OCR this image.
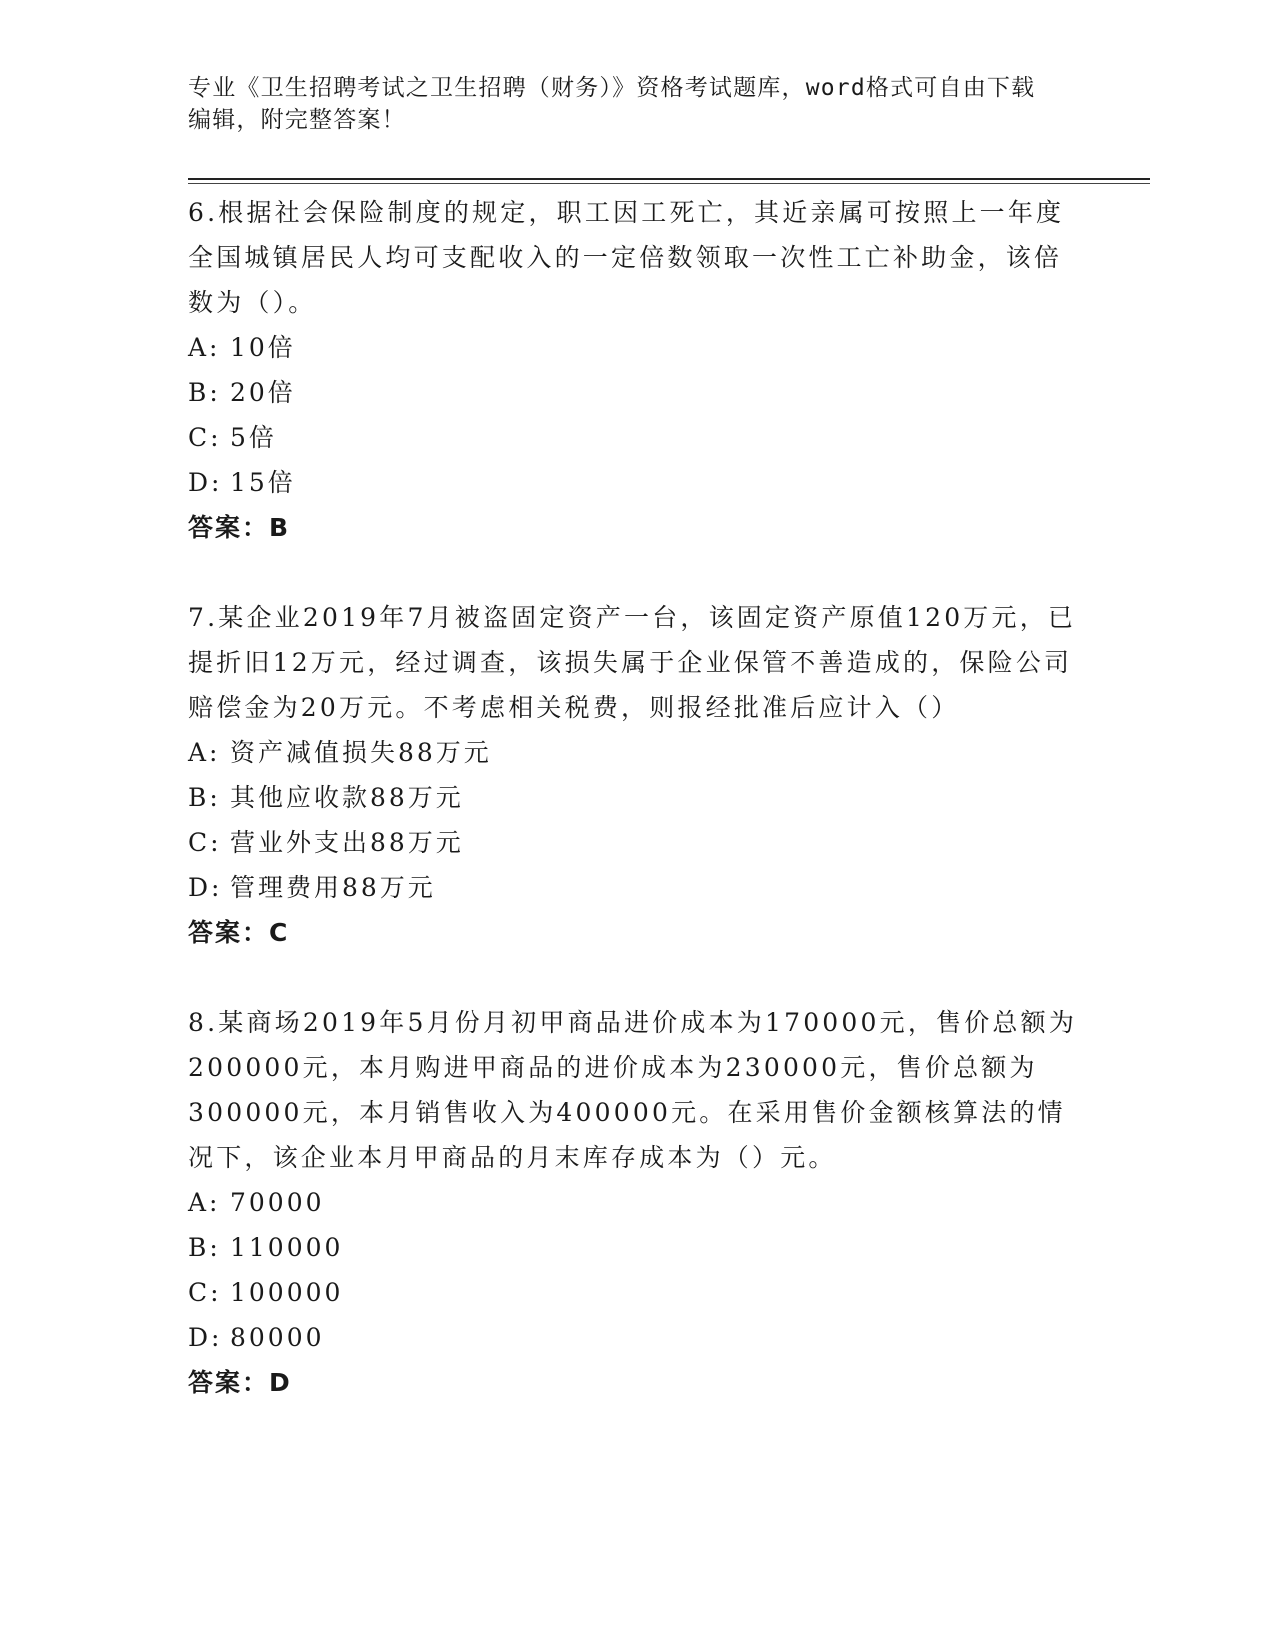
专业《卫生招聘考试之卫生招聘（财务）》资格考试题库，word格式可自由下载
编辑，附完整答案！

6.根据社会保险制度的规定，职工因工死亡，其近亲属可按照上一年度全国城镇居民人均可支配收入的一定倍数领取一次性工亡补助金，该倍数为（）。

A: 10倍
B: 20倍
C: 5倍
D: 15倍
答案：B

7.某企业2019年7月被盗固定资产一台，该固定资产原值120万元，已提折旧12万元，经过调查，该损失属于企业保管不善造成的，保险公司赔偿金为20万元。不考虑相关税费，则报经批准后应计入（）

A: 资产减值损失88万元
B: 其他应收款88万元
C: 营业外支出88万元
D: 管理费用88万元
答案：C

8.某商场2019年5月份月初甲商品进价成本为170000元，售价总额为200000元，本月购进甲商品的进价成本为230000元，售价总额为300000元，本月销售收入为400000元。在采用售价金额核算法的情况下，该企业本月甲商品的月末库存成本为（）元。

A: 70000
B: 110000
C: 100000
D: 80000
答案：D
